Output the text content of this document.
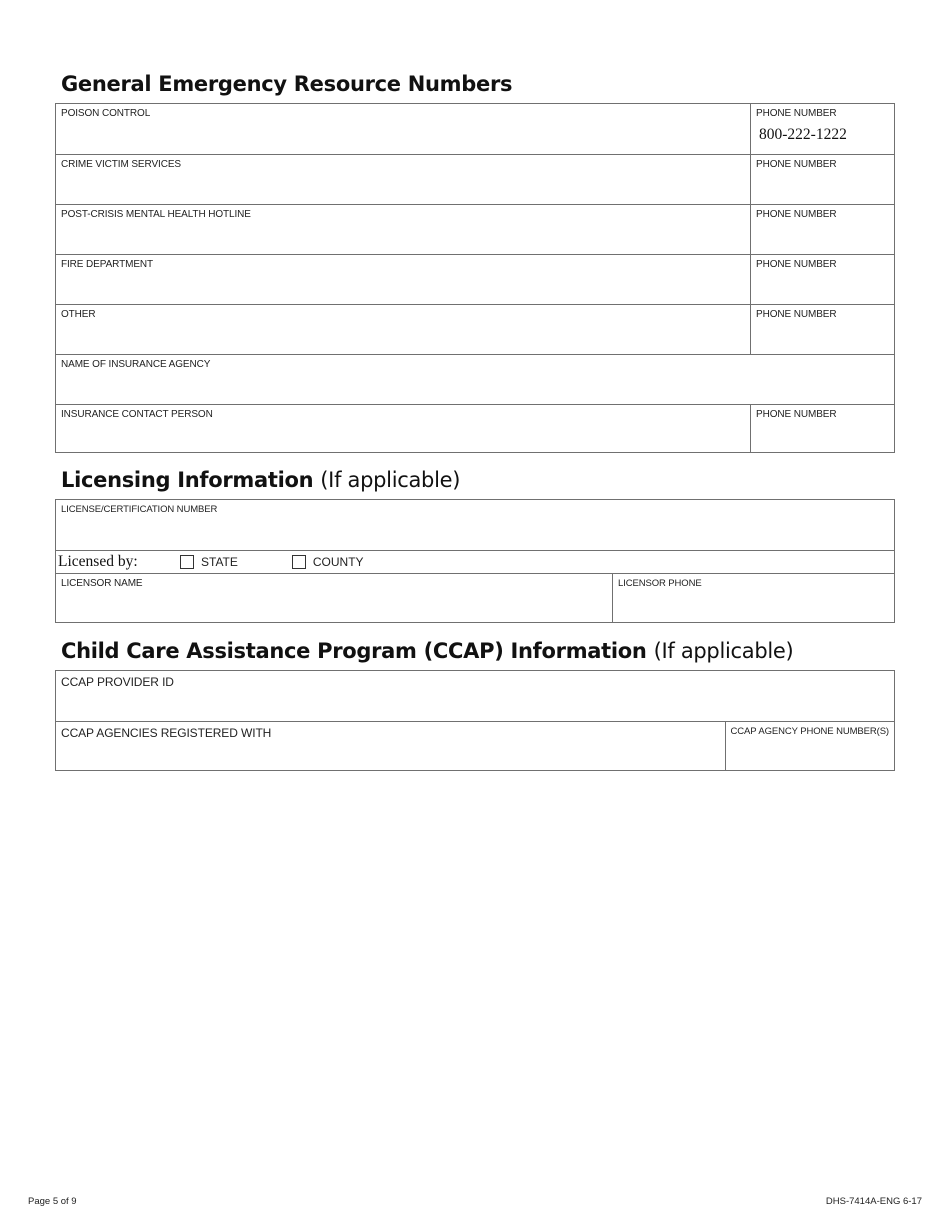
General Emergency Resource Numbers
POISON CONTROL	PHONE NUMBER
800-222-1222
CRIME VICTIM SERVICES	PHONE NUMBER
POST-CRISIS MENTAL HEALTH HOTLINE	PHONE NUMBER
FIRE DEPARTMENT	PHONE NUMBER
OTHER	PHONE NUMBER
NAME OF INSURANCE AGENCY
INSURANCE CONTACT PERSON	PHONE NUMBER
Licensing Information (If applicable)
LICENSE/CERTIFICATION NUMBER
Licensed by:	STATE	COUNTY
LICENSOR NAME	LICENSOR PHONE
Child Care Assistance Program (CCAP) Information (If applicable)
CCAP PROVIDER ID
CCAP AGENCIES REGISTERED WITH	CCAP AGENCY PHONE NUMBER(S)
Page 5 of 9	DHS-7414A-ENG 6-17
